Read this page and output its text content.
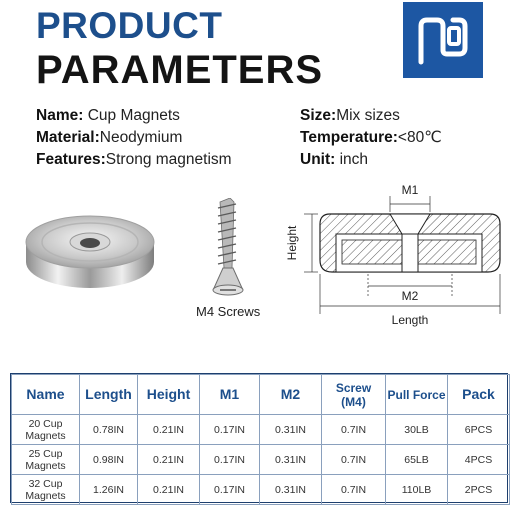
PRODUCT
PARAMETERS
Name: Cup Magnets
Material:Neodymium
Features:Strong magnetism
Size:Mix sizes
Temperature:<80℃
Unit: inch
M4 Screws
M1
M2
Length
Height
Name	Length	Height	M1	M2	Screw (M4)	Pull Force	Pack
20 Cup Magnets	0.78IN	0.21IN	0.17IN	0.31IN	0.7IN	30LB	6PCS
25 Cup Magnets	0.98IN	0.21IN	0.17IN	0.31IN	0.7IN	65LB	4PCS
32 Cup Magnets	1.26IN	0.21IN	0.17IN	0.31IN	0.7IN	110LB	2PCS
